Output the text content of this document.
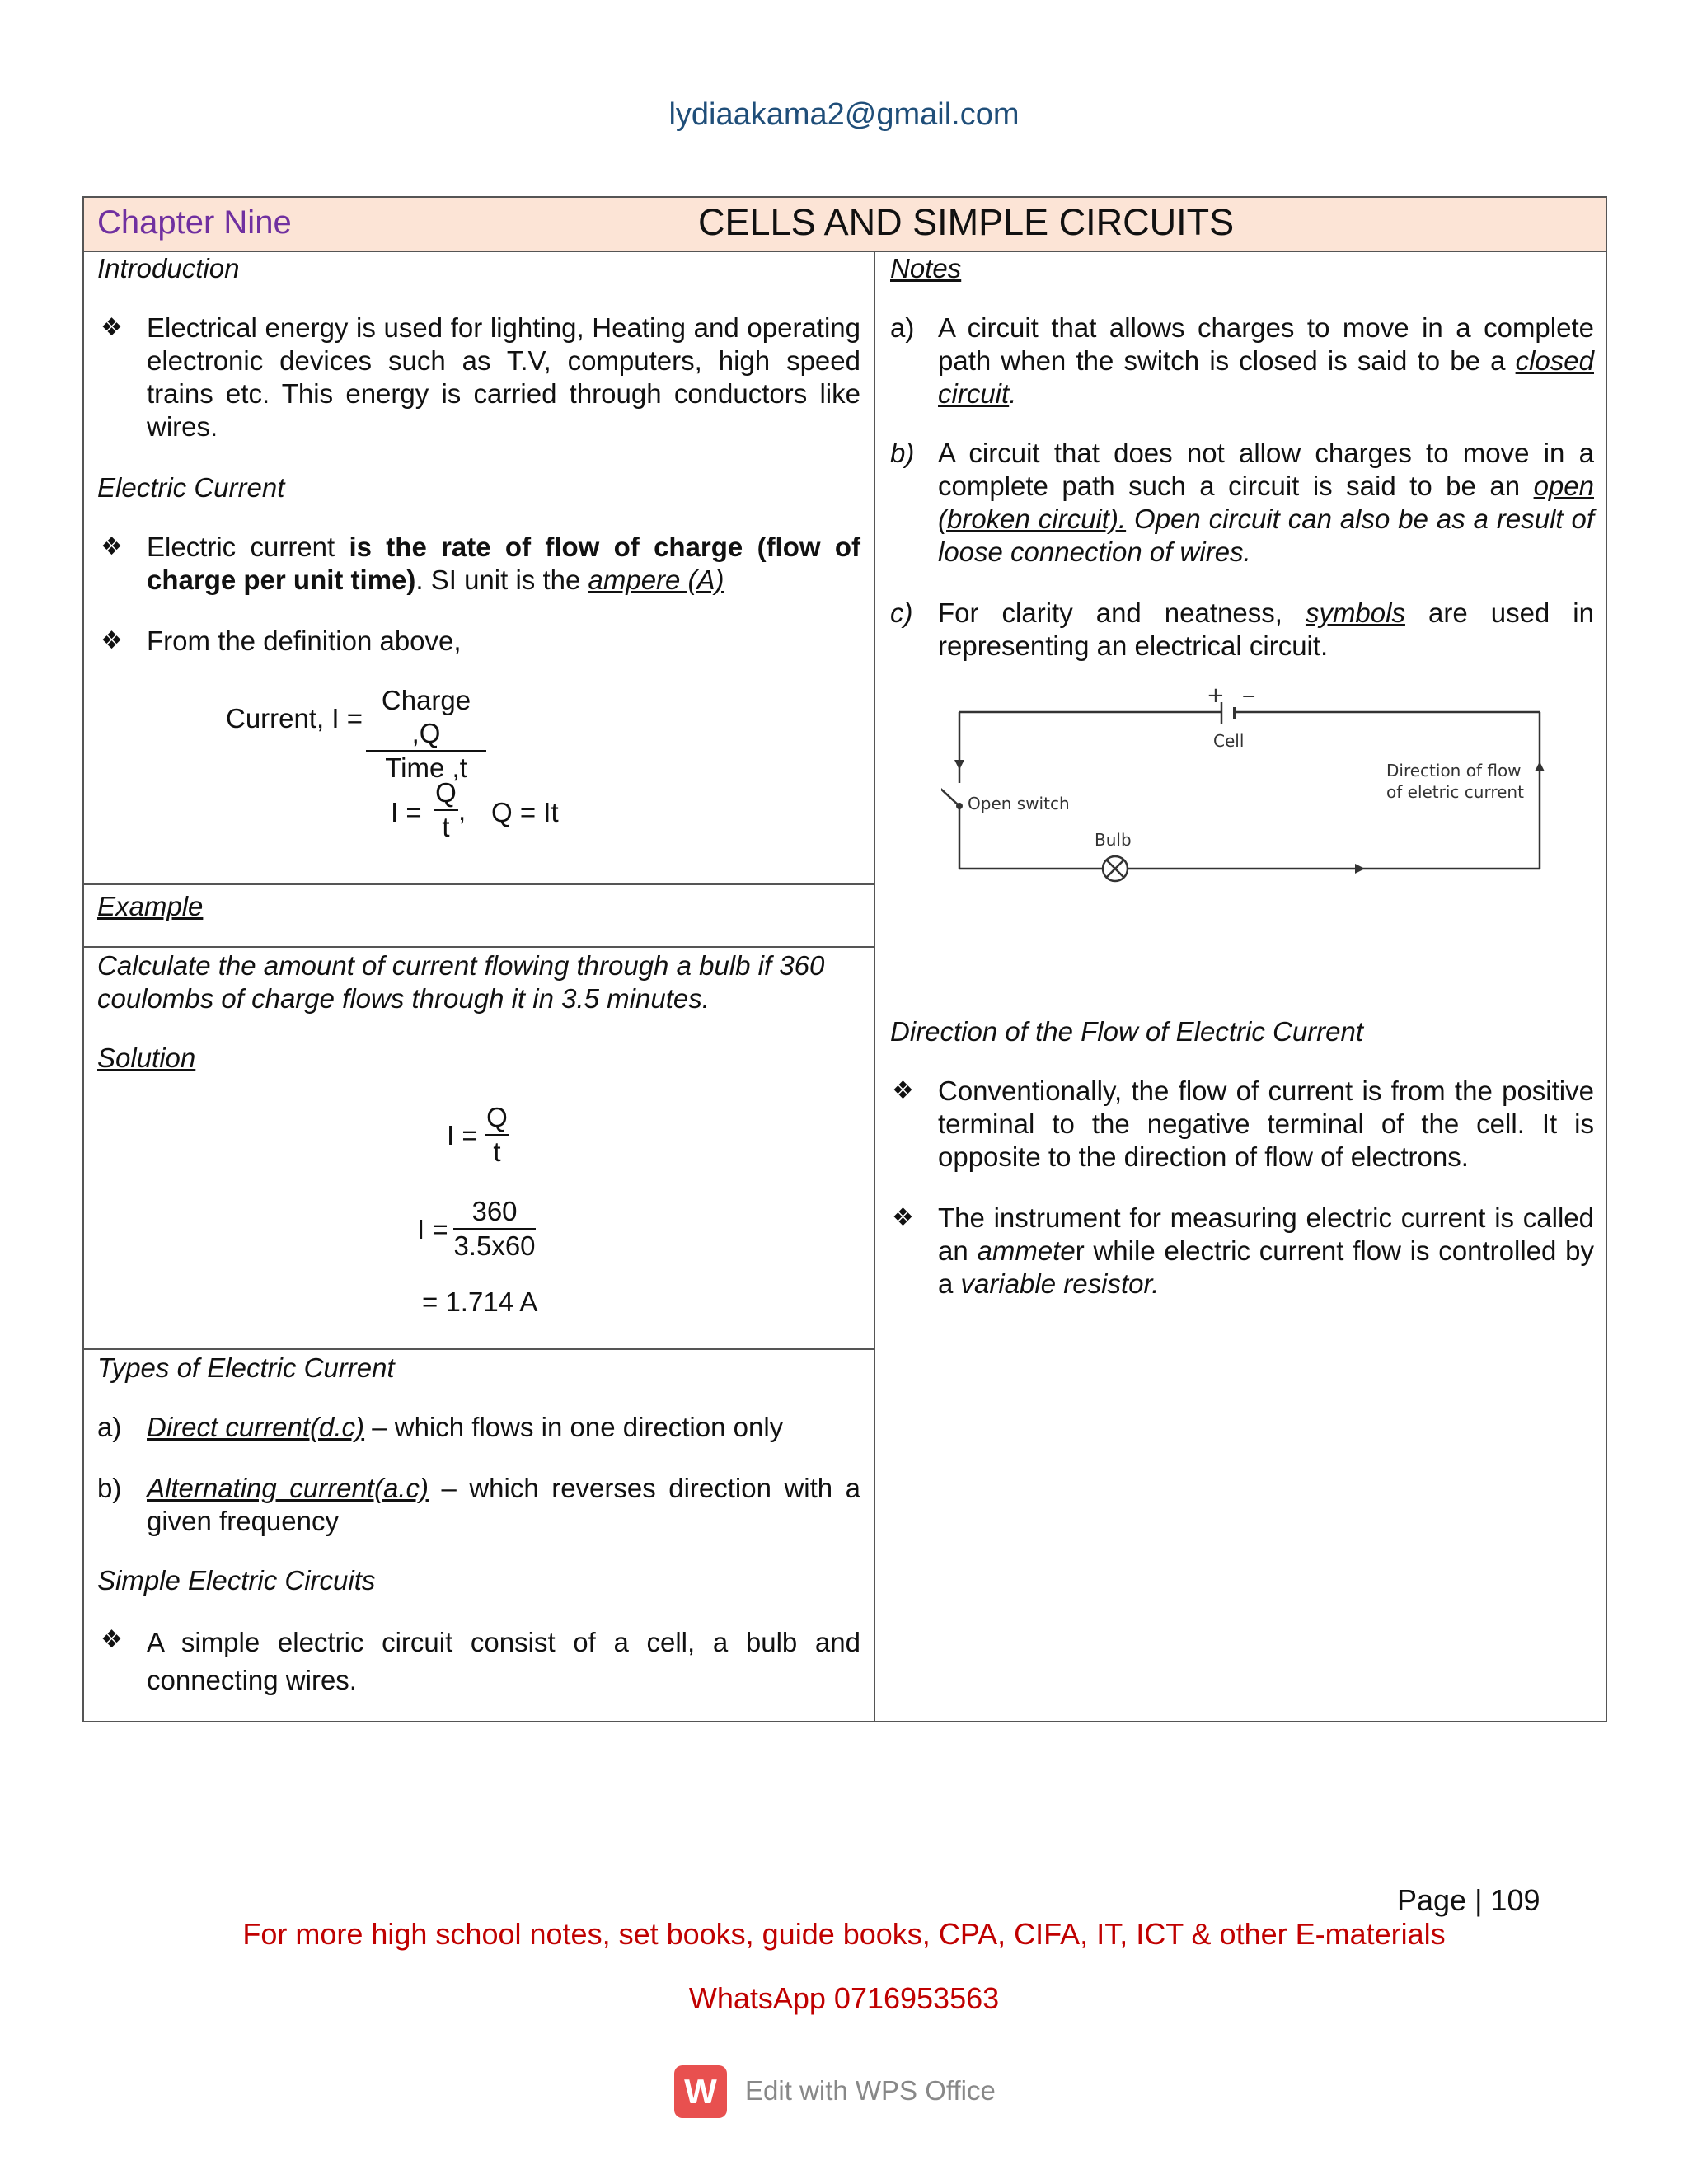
lydiaakama2@gmail.com
Chapter Nine	CELLS AND SIMPLE CIRCUITS
Introduction
❖ Electrical energy is used for lighting, Heating and operating electronic devices such as T.V, computers, high speed trains etc. This energy is carried through conductors like wires.
Electric Current
❖ Electric current is the rate of flow of charge (flow of charge per unit time). SI unit is the ampere (A)
❖ From the definition above,
Current, I =
Charge ,Q
Time ,t
$I = \frac{Q}{t}$ , Q = It
Example
Calculate the amount of current flowing through a bulb if 360 coulombs of charge flows through it in 3.5 minutes.
Solution
$I = \frac{Q}{t}$
$I = \frac{360}{3.5x60}$
= 1.714 A
Types of Electric Current
a) Direct current(d.c) – which flows in one direction only
b) Alternating current(a.c) – which reverses direction with a given frequency
Simple Electric Circuits
❖ A simple electric circuit consist of a cell, a bulb and connecting wires.
Notes
a) A circuit that allows charges to move in a complete path when the switch is closed is said to be a closed circuit.
b) A circuit that does not allow charges to move in a complete path such a circuit is said to be an open (broken circuit). Open circuit can also be as a result of loose connection of wires.
c) For clarity and neatness, symbols are used in representing an electrical circuit.
+ −
Cell
Open switch
Direction of flow
of eletric current
Bulb
Direction of the Flow of Electric Current
❖ Conventionally, the flow of current is from the positive terminal to the negative terminal of the cell. It is opposite to the direction of flow of electrons.
❖ The instrument for measuring electric current is called an ammeter while electric current flow is controlled by a variable resistor.
Page | 109
For more high school notes, set books, guide books, CPA, CIFA, IT, ICT & other E-materials
WhatsApp 0716953563
W	Edit with WPS Office
